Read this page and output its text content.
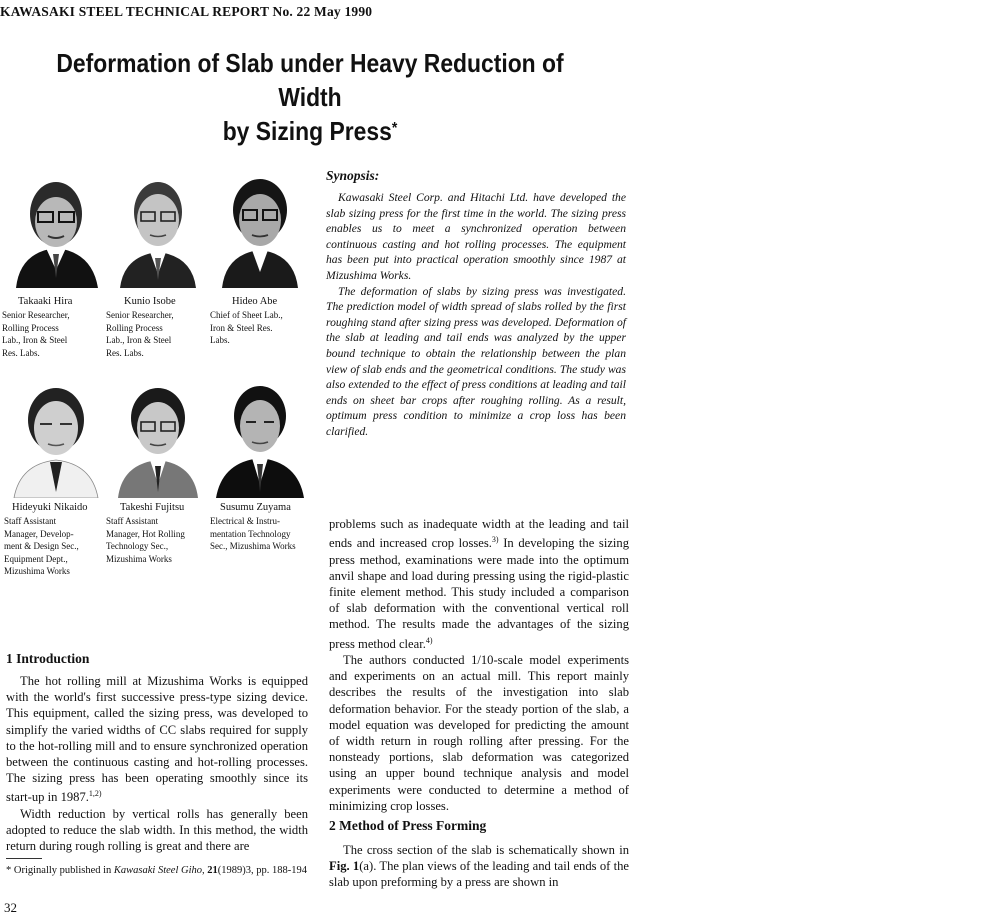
KAWASAKI STEEL TECHNICAL REPORT No. 22 May 1990
Deformation of Slab under Heavy Reduction of Width
by Sizing Press*
Takaaki Hira
Senior Researcher,
Rolling Process
Lab., Iron & Steel
Res. Labs.
Kunio Isobe
Senior Researcher,
Rolling Process
Lab., Iron & Steel
Res. Labs.
Hideo Abe
Chief of Sheet Lab.,
Iron & Steel Res.
Labs.
Hideyuki Nikaido
Staff Assistant
Manager, Develop-
ment & Design Sec.,
Equipment Dept.,
Mizushima Works
Takeshi Fujitsu
Staff Assistant
Manager, Hot Rolling
Technology Sec.,
Mizushima Works
Susumu Zuyama
Electrical & Instru-
mentation Technology
Sec., Mizushima Works
Synopsis:

Kawasaki Steel Corp. and Hitachi Ltd. have developed the slab sizing press for the first time in the world. The sizing press enables us to meet a synchronized operation between continuous casting and hot rolling processes. The equipment has been put into practical operation smoothly since 1987 at Mizushima Works.

The deformation of slabs by sizing press was investigated. The prediction model of width spread of slabs rolled by the first roughing stand after sizing press was developed. Deformation of the slab at leading and tail ends was analyzed by the upper bound technique to obtain the relationship between the plan view of slab ends and the geometrical conditions. The study was also extended to the effect of press conditions at leading and tail ends on sheet bar crops after roughing rolling. As a result, optimum press condition to minimize a crop loss has been clarified.

problems such as inadequate width at the leading and tail ends and increased crop losses.$^{3)}$ In developing the sizing press method, examinations were made into the optimum anvil shape and load during pressing using the rigid-plastic finite element method. This study included a comparison of slab deformation with the conventional vertical roll method. The results made the advantages of the sizing press method clear.$^{4)}$

The authors conducted 1/10-scale model experiments and experiments on an actual mill. This report mainly describes the results of the investigation into slab deformation behavior. For the steady portion of the slab, a model equation was developed for predicting the amount of width return in rough rolling after pressing. For the nonsteady portions, slab deformation was categorized using an upper bound technique analysis and model experiments were conducted to determine a method of minimizing crop losses.

1 Introduction

The hot rolling mill at Mizushima Works is equipped with the world's first successive press-type sizing device. This equipment, called the sizing press, was developed to simplify the varied widths of CC slabs required for supply to the hot-rolling mill and to ensure synchronized operation between the continuous casting and hot-rolling processes. The sizing press has been operating smoothly since its start-up in 1987.$^{1,2)}$

Width reduction by vertical rolls has generally been adopted to reduce the slab width. In this method, the width return during rough rolling is great and there are

2 Method of Press Forming

The cross section of the slab is schematically shown in Fig. 1(a). The plan views of the leading and tail ends of the slab upon preforming by a press are shown in

* Originally published in Kawasaki Steel Giho, 21(1989)3, pp. 188-194
32
